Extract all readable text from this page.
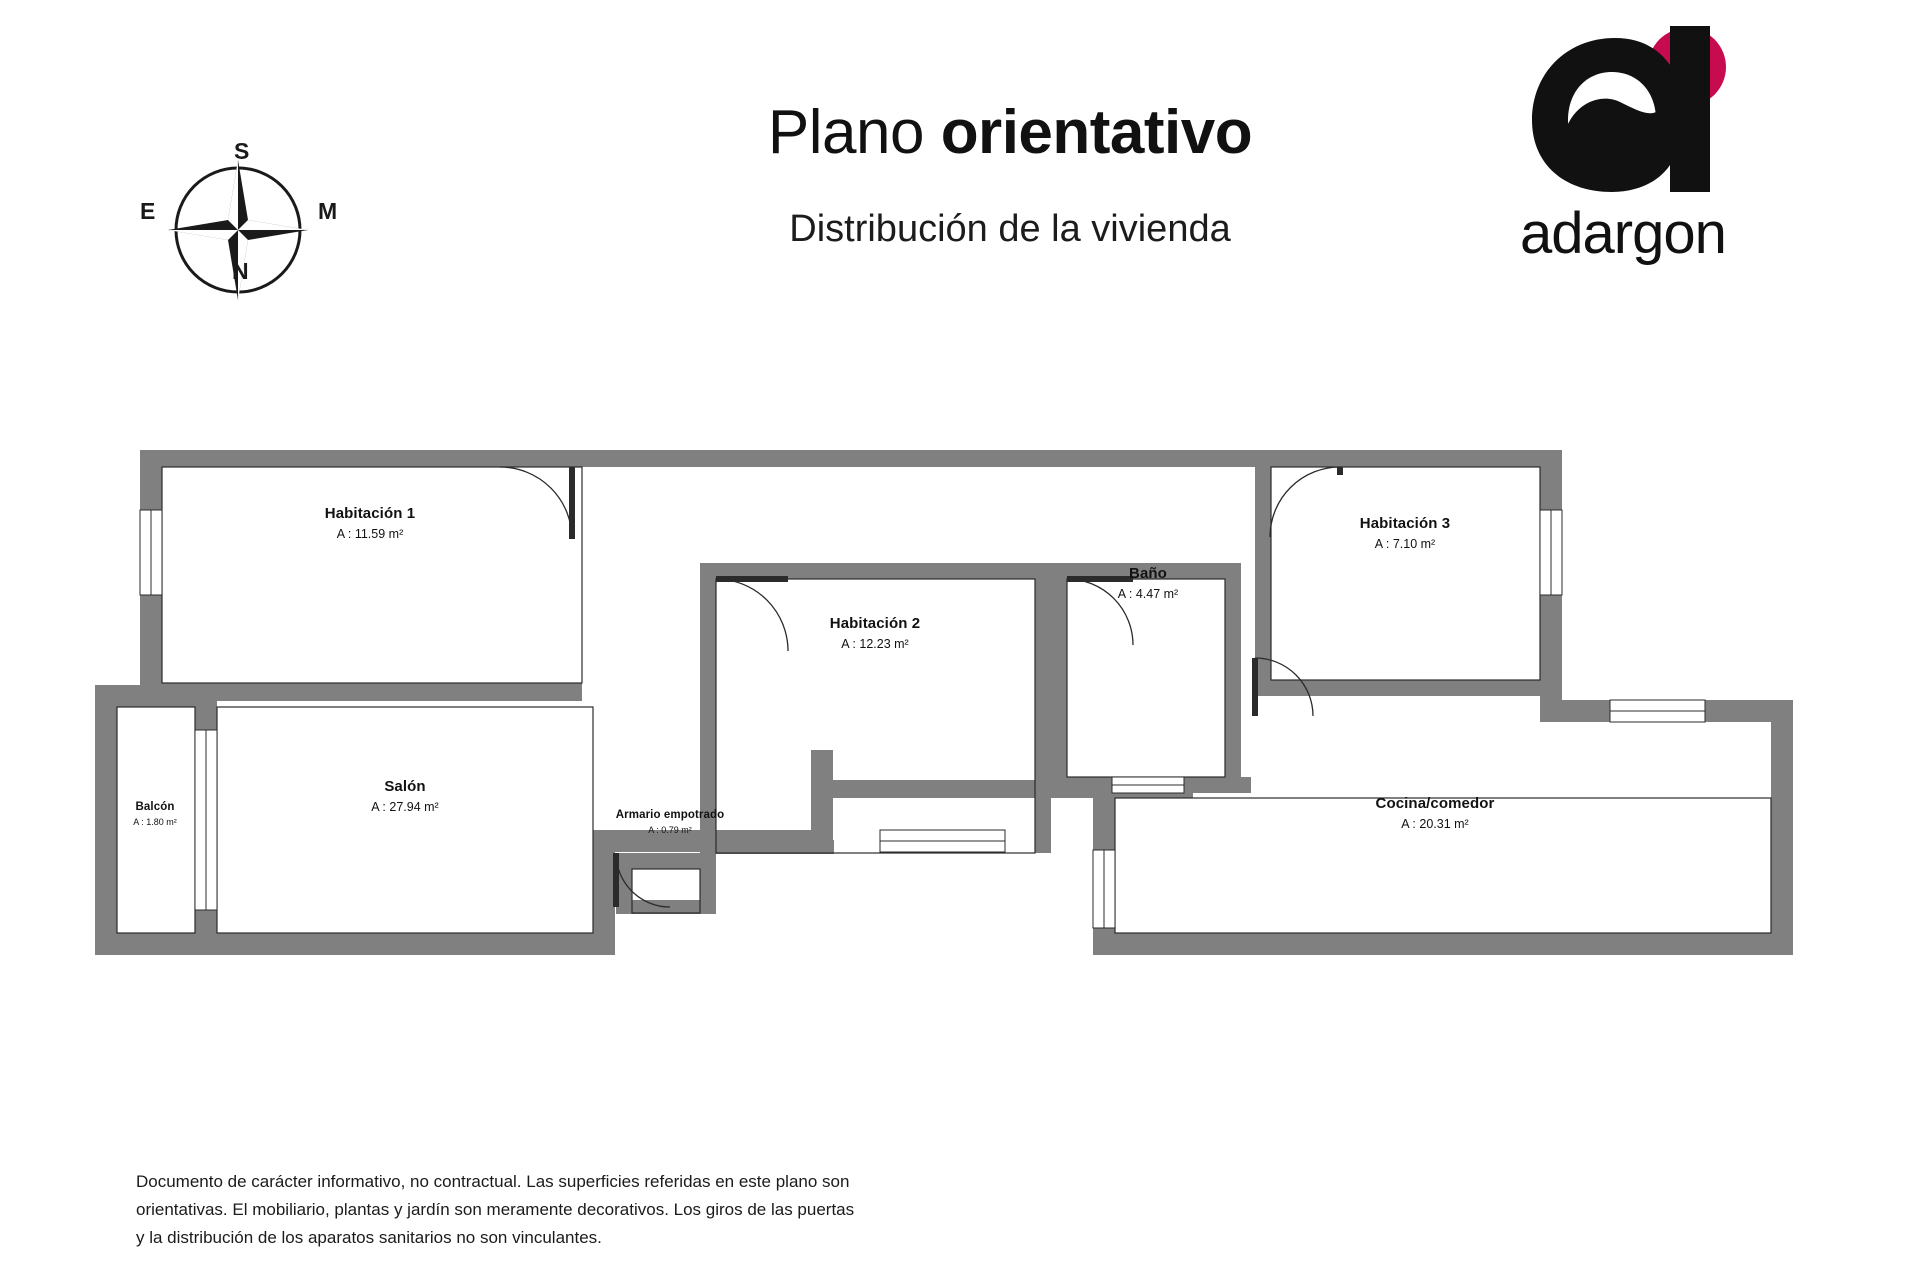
S
N
E	M
Plano orientativo
Distribución de la vivienda	adargon
Habitación 1
A : 11.59 m²
Habitación 2
A : 12.23 m²
Habitación 3
A : 7.10 m²
Baño
A : 4.47 m²
Salón
A : 27.94 m²	Cocina/comedor
A : 20.31 m²
Balcón
A : 1.80 m²
Armario empotrado
A : 0.79 m²

Documento de carácter informativo, no contractual. Las superficies referidas en este plano son

orientativas. El mobiliario, plantas y jardín son meramente decorativos. Los giros de las puertas

y la distribución de los aparatos sanitarios no son vinculantes.
